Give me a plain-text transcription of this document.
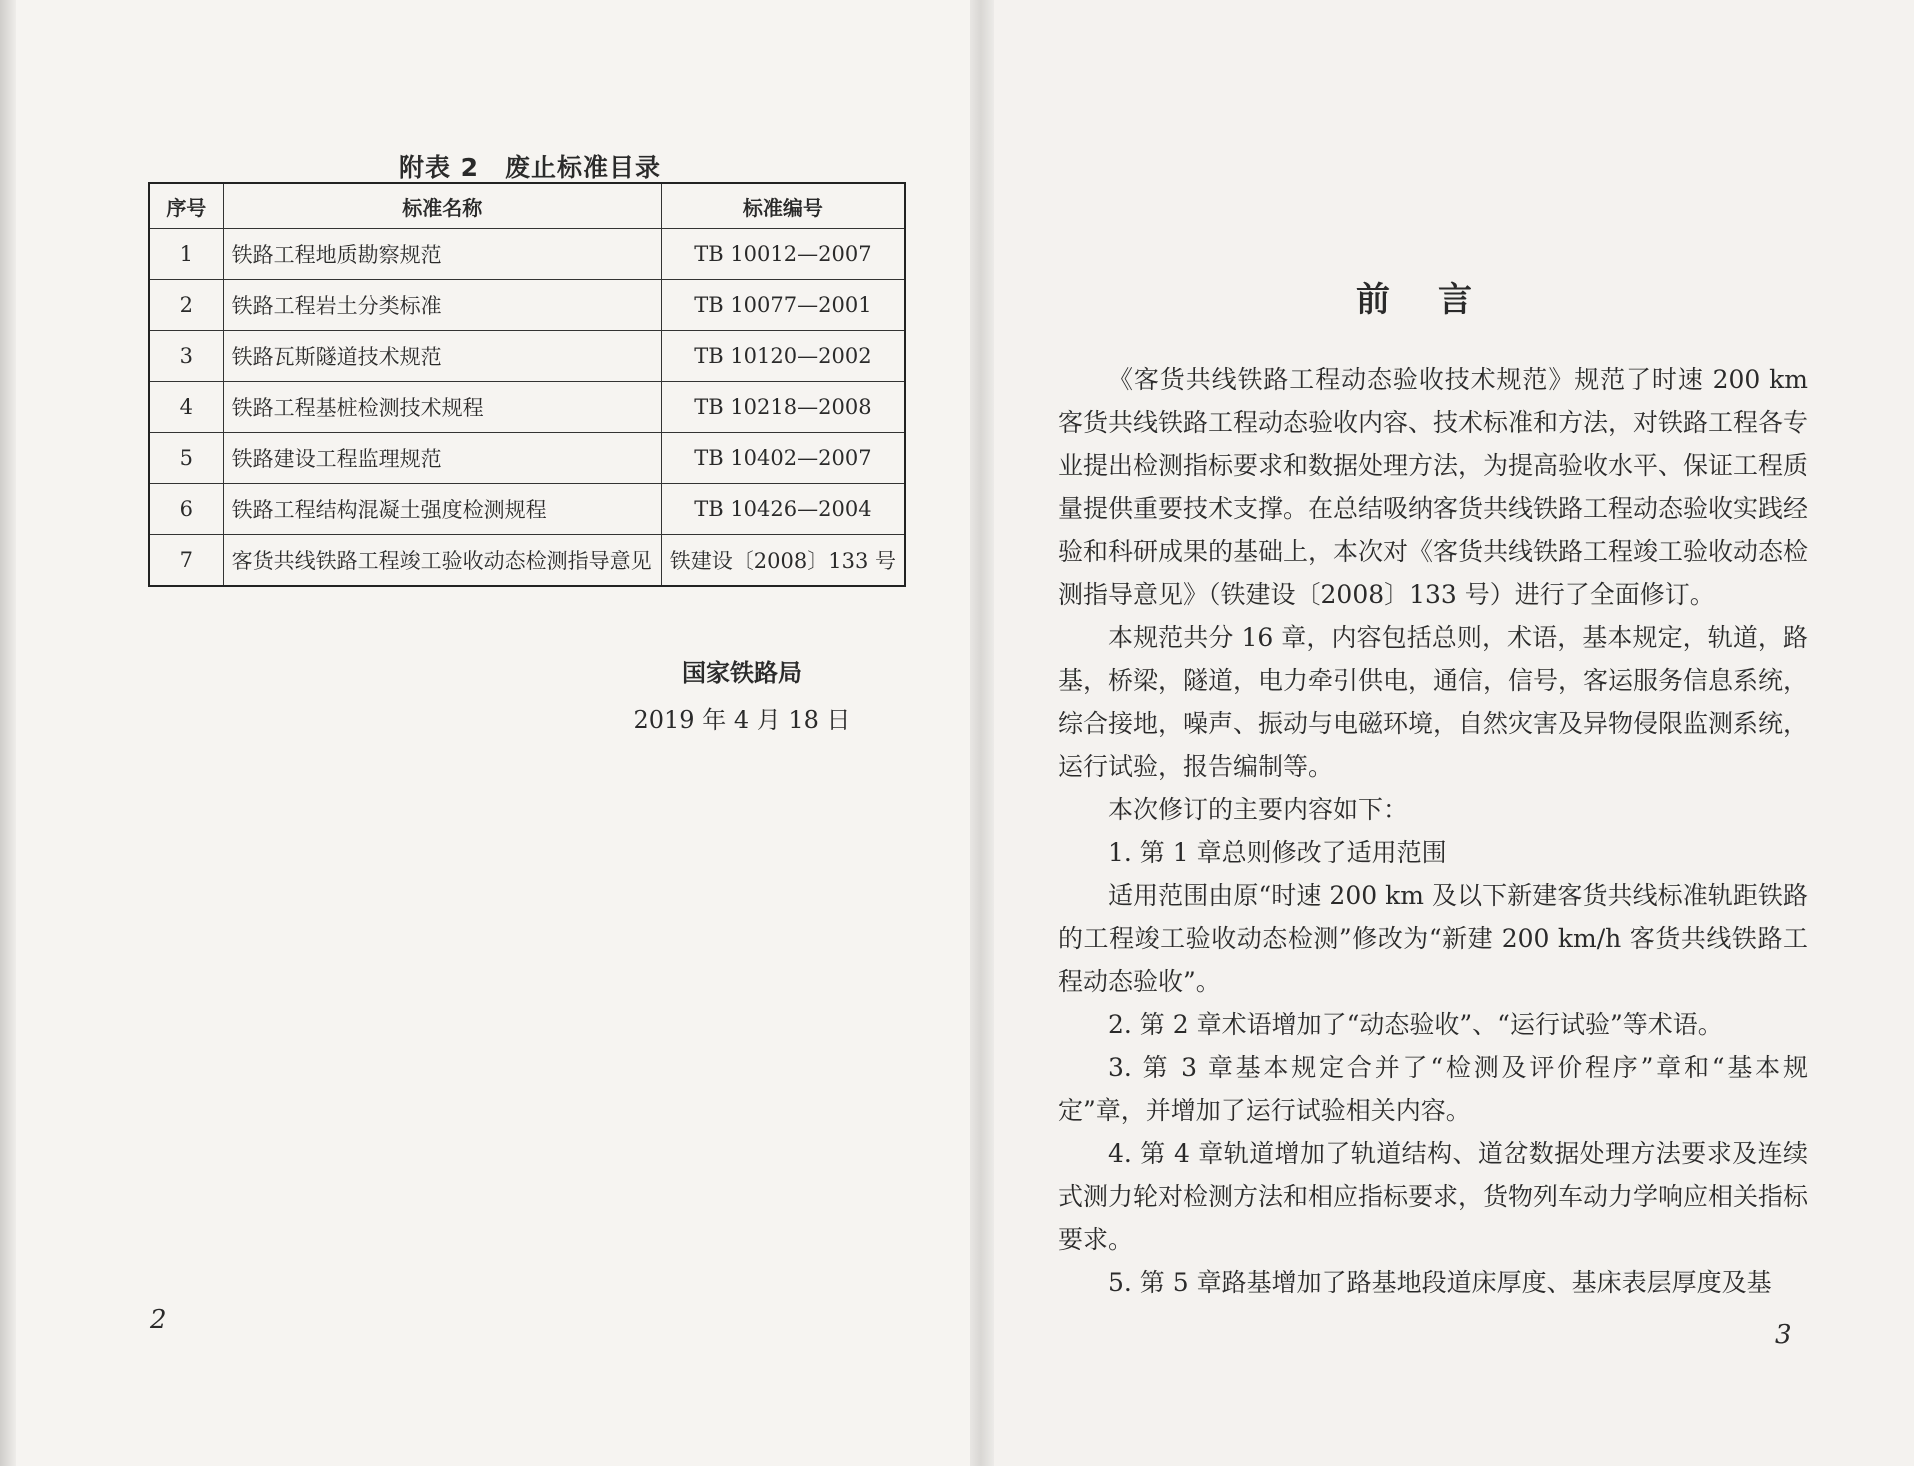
附表 2　废止标准目录
序号	标准名称	标准编号
1	铁路工程地质勘察规范	TB 10012—2007
2	铁路工程岩土分类标准	TB 10077—2001
3	铁路瓦斯隧道技术规范	TB 10120—2002
4	铁路工程基桩检测技术规程	TB 10218—2008
5	铁路建设工程监理规范	TB 10402—2007
6	铁路工程结构混凝土强度检测规程	TB 10426—2004
7	客货共线铁路工程竣工验收动态检测指导意见	铁建设〔2008〕133 号
国家铁路局
2019 年 4 月 18 日
2
前言

《客货共线铁路工程动态验收技术规范》规范了时速 200 km 客货共线铁路工程动态验收内容、技术标准和方法，对铁路工程各专业提出检测指标要求和数据处理方法，为提高验收水平、保证工程质量提供重要技术支撑。在总结吸纳客货共线铁路工程动态验收实践经验和科研成果的基础上，本次对《客货共线铁路工程竣工验收动态检测指导意见》（铁建设〔2008〕133 号）进行了全面修订。

本规范共分 16 章，内容包括总则，术语，基本规定，轨道，路基，桥梁，隧道，电力牵引供电，通信，信号，客运服务信息系统，综合接地，噪声、振动与电磁环境，自然灾害及异物侵限监测系统，运行试验，报告编制等。

本次修订的主要内容如下：

1. 第 1 章总则修改了适用范围

适用范围由原“时速 200 km 及以下新建客货共线标准轨距铁路的工程竣工验收动态检测”修改为“新建 200 km/h 客货共线铁路工程动态验收”。

2. 第 2 章术语增加了“动态验收”、“运行试验”等术语。

3. 第 3 章基本规定合并了“检测及评价程序”章和“基本规定”章，并增加了运行试验相关内容。

4. 第 4 章轨道增加了轨道结构、道岔数据处理方法要求及连续式测力轮对检测方法和相应指标要求，货物列车动力学响应相关指标要求。

5. 第 5 章路基增加了路基地段道床厚度、基床表层厚度及基

3
